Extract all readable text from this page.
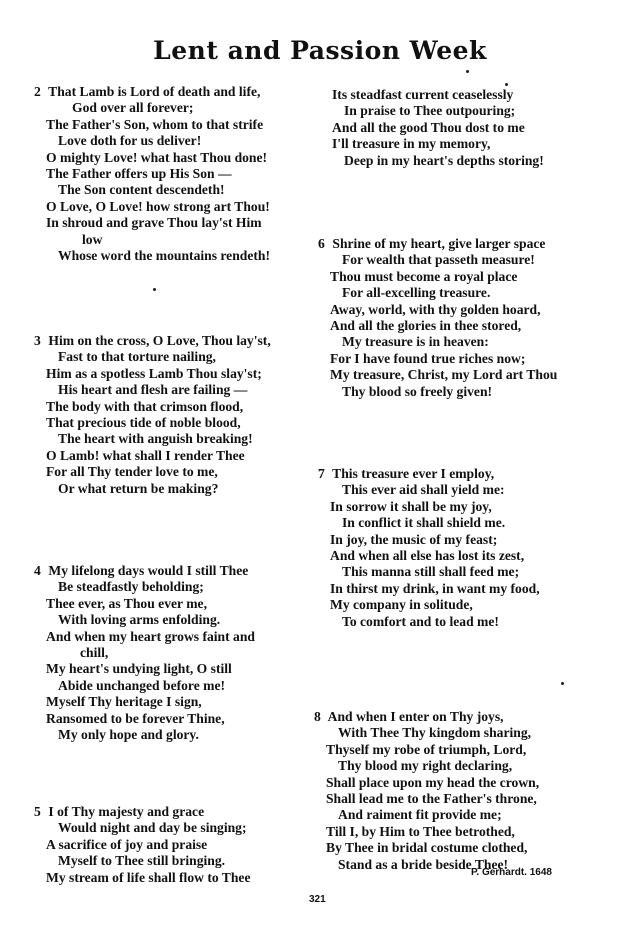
Lent and Passion Week
2 That Lamb is Lord of death and life,
God over all forever;
The Father's Son, whom to that strife
Love doth for us deliver!
O mighty Love! what hast Thou done!
The Father offers up His Son —
The Son content descendeth!
O Love, O Love! how strong art Thou!
In shroud and grave Thou lay'st Him
low
Whose word the mountains rendeth!
3 Him on the cross, O Love, Thou lay'st,
Fast to that torture nailing,
Him as a spotless Lamb Thou slay'st;
His heart and flesh are failing —
The body with that crimson flood,
That precious tide of noble blood,
The heart with anguish breaking!
O Lamb! what shall I render Thee
For all Thy tender love to me,
Or what return be making?
4 My lifelong days would I still Thee
Be steadfastly beholding;
Thee ever, as Thou ever me,
With loving arms enfolding.
And when my heart grows faint and
chill,
My heart's undying light, O still
Abide unchanged before me!
Myself Thy heritage I sign,
Ransomed to be forever Thine,
My only hope and glory.
5 I of Thy majesty and grace
Would night and day be singing;
A sacrifice of joy and praise
Myself to Thee still bringing.
My stream of life shall flow to Thee
Its steadfast current ceaselessly
In praise to Thee outpouring;
And all the good Thou dost to me
I'll treasure in my memory,
Deep in my heart's depths storing!
6 Shrine of my heart, give larger space
For wealth that passeth measure!
Thou must become a royal place
For all-excelling treasure.
Away, world, with thy golden hoard,
And all the glories in thee stored,
My treasure is in heaven:
For I have found true riches now;
My treasure, Christ, my Lord art Thou
Thy blood so freely given!
7 This treasure ever I employ,
This ever aid shall yield me:
In sorrow it shall be my joy,
In conflict it shall shield me.
In joy, the music of my feast;
And when all else has lost its zest,
This manna still shall feed me;
In thirst my drink, in want my food,
My company in solitude,
To comfort and to lead me!
8 And when I enter on Thy joys,
With Thee Thy kingdom sharing,
Thyself my robe of triumph, Lord,
Thy blood my right declaring,
Shall place upon my head the crown,
Shall lead me to the Father's throne,
And raiment fit provide me;
Till I, by Him to Thee betrothed,
By Thee in bridal costume clothed,
Stand as a bride beside Thee!
P. Gerhardt. 1648
321
